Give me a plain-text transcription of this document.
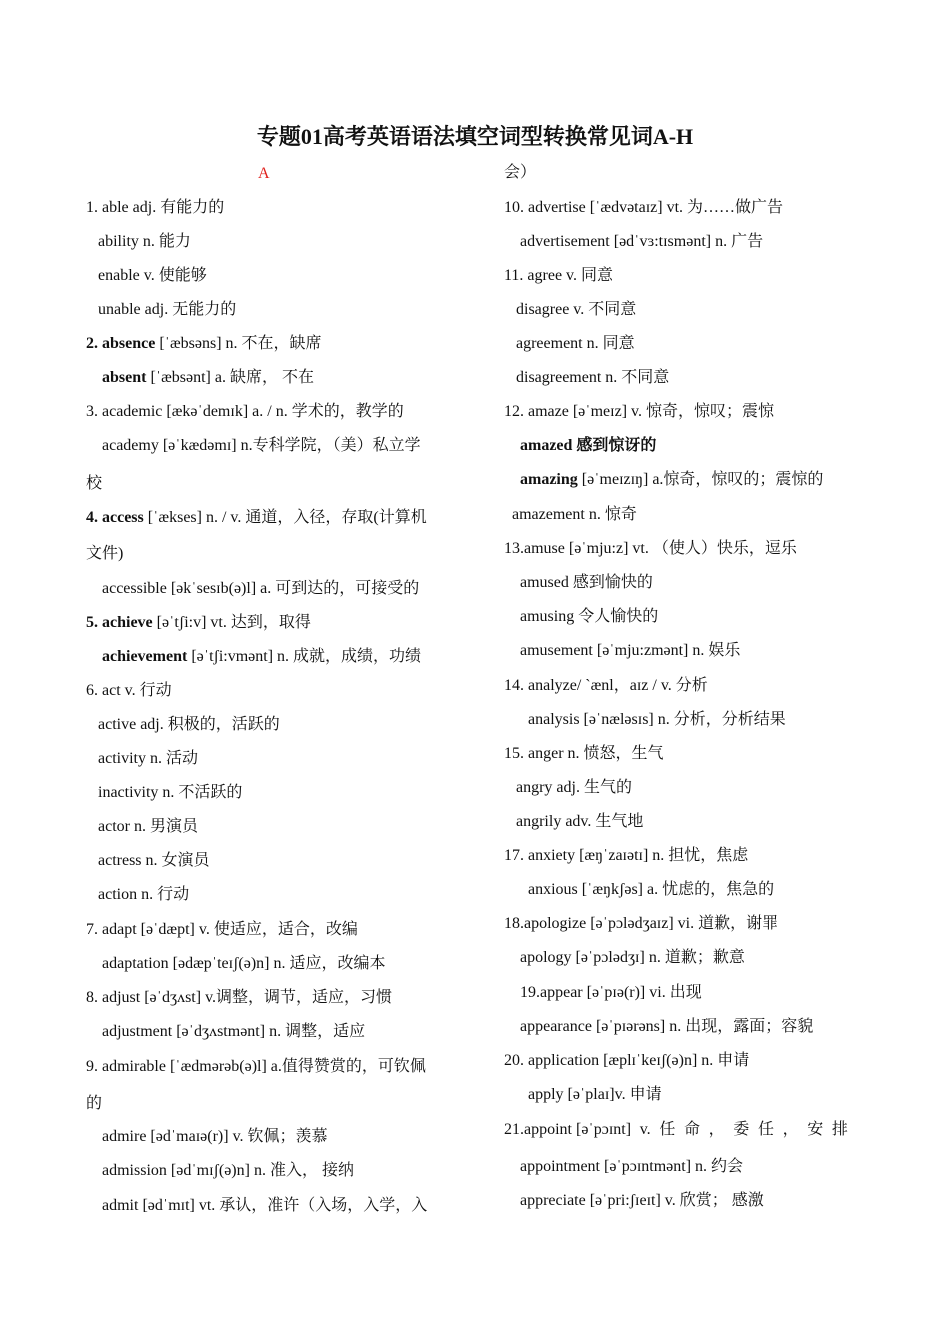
专题01高考英语语法填空词型转换常见词A-H
A
1. able adj. 有能力的
ability n. 能力
enable v. 使能够
unable adj. 无能力的
2. absence [ˈæbsəns] n. 不在，缺席
absent [ˈæbsənt] a. 缺席， 不在
3. academic [ækəˈdemɪk] a. / n. 学术的，教学的
academy [əˈkædəmɪ] n.专科学院，（美）私立学
校
4. access [ˈækses] n. / v. 通道，入径，存取(计算机
文件)
accessible [əkˈsesɪb(ə)l] a. 可到达的，可接受的
5. achieve [əˈtʃi:v] vt. 达到，取得
achievement [əˈtʃi:vmənt] n. 成就，成绩，功绩
6. act v. 行动
active adj. 积极的，活跃的
activity n. 活动
inactivity n. 不活跃的
actor n. 男演员
actress n. 女演员
action n. 行动
7. adapt [əˈdæpt] v. 使适应，适合，改编
adaptation [ədæpˈteɪʃ(ə)n] n. 适应，改编本
8. adjust [əˈdʒʌst] v.调整，调节，适应，习惯
adjustment [əˈdʒʌstmənt] n. 调整，适应
9. admirable [ˈædmərəb(ə)l] a.值得赞赏的，可钦佩
的
admire [ədˈmaɪə(r)] v. 钦佩；羡慕
admission [ədˈmɪʃ(ə)n] n. 准入， 接纳
admit [ədˈmɪt] vt. 承认，准许（入场，入学，入
会）
10. advertise [ˈædvətaɪz] vt. 为……做广告
advertisement [ədˈvɜ:tɪsmənt] n. 广告
11. agree v. 同意
disagree v. 不同意
agreement n. 同意
disagreement n. 不同意
12. amaze [əˈmeɪz] v. 惊奇，惊叹；震惊
amazed 感到惊讶的
amazing [əˈmeɪzɪŋ] a.惊奇，惊叹的；震惊的
amazement n. 惊奇
13.amuse [əˈmju:z] vt. （使人）快乐，逗乐
amused 感到愉快的
amusing 令人愉快的
amusement [əˈmju:zmənt] n. 娱乐
14. analyze/ `ænl，aɪz / v. 分析
analysis [əˈnæləsɪs] n. 分析，分析结果
15. anger n. 愤怒，生气
angry adj. 生气的
angrily adv. 生气地
17. anxiety [æŋˈzaɪətɪ] n. 担忧，焦虑
anxious [ˈæŋkʃəs] a. 忧虑的，焦急的
18.apologize [əˈpɔlədʒaɪz] vi. 道歉，谢罪
apology [əˈpɔlədʒɪ] n. 道歉；歉意
19.appear [əˈpɪə(r)] vi. 出现
appearance [əˈpɪərəns] n. 出现，露面；容貌
20. application [æplɪˈkeɪʃ(ə)n] n. 申请
apply [əˈplaɪ]v. 申请
21.appoint [əˈpɔɪnt] v. 任 命 ， 委 任 ， 安 排
appointment [əˈpɔɪntmənt] n. 约会
appreciate [əˈpri:ʃɪeɪt] v. 欣赏； 感激
